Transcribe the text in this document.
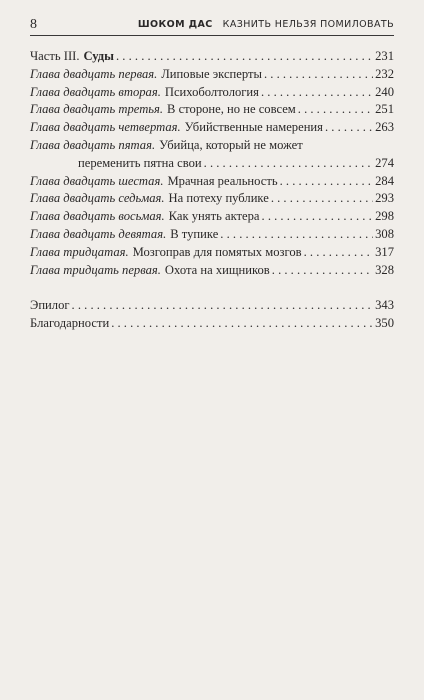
8	ШОКОМ ДАС КАЗНИТЬ НЕЛЬЗЯ ПОМИЛОВАТЬ
Часть III. Суды . . .	231
Глава двадцать первая. Липовые эксперты . . .	232
Глава двадцать вторая. Психоболтология . . .	240
Глава двадцать третья. В стороне, но не совсем . . .	251
Глава двадцать четвертая. Убийственные намерения . . .	263
Глава двадцать пятая. Убийца, который не может
переменить пятна свои . . .	274
Глава двадцать шестая. Мрачная реальность . . .	284
Глава двадцать седьмая. На потеху публике . . .	293
Глава двадцать восьмая. Как унять актера . . .	298
Глава двадцать девятая. В тупике . . .	308
Глава тридцатая. Мозгоправ для помятых мозгов . . .	317
Глава тридцать первая. Охота на хищников . . .	328
Эпилог . . .	343
Благодарности . . .	350
